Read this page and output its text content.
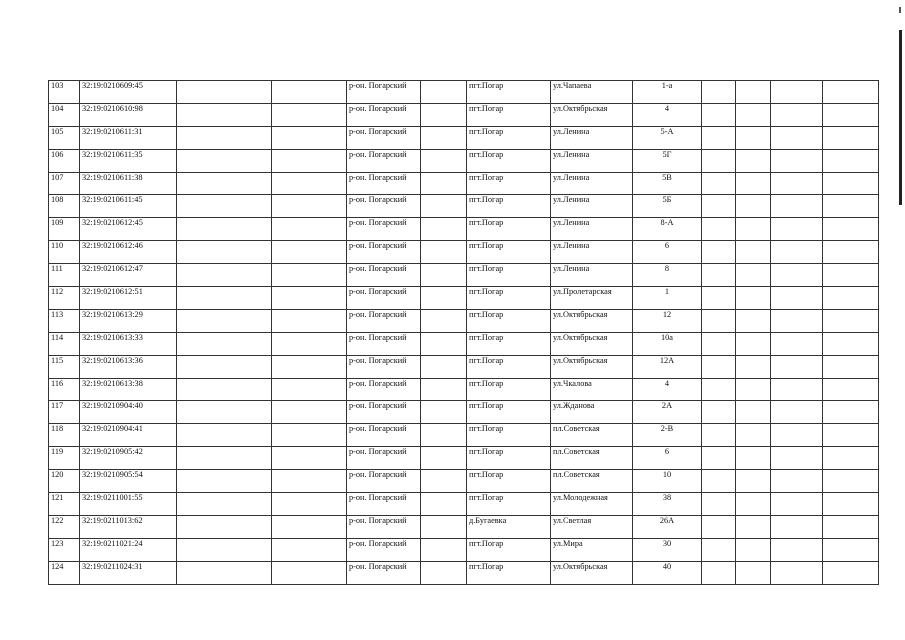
103	32:19:0210609:45			р-он. Погарский		пгт.Погар	ул.Чапаева	1-а				
104	32:19:0210610:98			р-он. Погарский		пгт.Погар	ул.Октябрьская	4				
105	32:19:0210611:31			р-он. Погарский		пгт.Погар	ул.Ленина	5-А				
106	32:19:0210611:35			р-он. Погарский		пгт.Погар	ул.Ленина	5Г				
107	32:19:0210611:38			р-он. Погарский		пгт.Погар	ул.Ленина	5В				
108	32:19:0210611:45			р-он. Погарский		пгт.Погар	ул.Ленина	5Б				
109	32:19:0210612:45			р-он. Погарский		пгт.Погар	ул.Ленина	8-А				
110	32:19:0210612:46			р-он. Погарский		пгт.Погар	ул.Ленина	6				
111	32:19:0210612:47			р-он. Погарский		пгт.Погар	ул.Ленина	8				
112	32:19:0210612:51			р-он. Погарский		пгт.Погар	ул.Пролетарская	1				
113	32:19:0210613:29			р-он. Погарский		пгт.Погар	ул.Октябрьская	12				
114	32:19:0210613:33			р-он. Погарский		пгт.Погар	ул.Октябрьская	10а				
115	32:19:0210613:36			р-он. Погарский		пгт.Погар	ул.Октябрьская	12А				
116	32:19:0210613:38			р-он. Погарский		пгт.Погар	ул.Чкалова	4				
117	32:19:0210904:40			р-он. Погарский		пгт.Погар	ул.Жданова	2А				
118	32:19:0210904:41			р-он. Погарский		пгт.Погар	пл.Советская	2-В				
119	32:19:0210905:42			р-он. Погарский		пгт.Погар	пл.Советская	6				
120	32:19:0210905:54			р-он. Погарский		пгт.Погар	пл.Советская	10				
121	32:19:0211001:55			р-он. Погарский		пгт.Погар	ул.Молодежная	38				
122	32:19:0211013:62			р-он. Погарский		д.Бугаевка	ул.Светлая	26А				
123	32:19:0211021:24			р-он. Погарский		пгт.Погар	ул.Мира	30				
124	32:19:0211024:31			р-он. Погарский		пгт.Погар	ул.Октябрьская	40				
